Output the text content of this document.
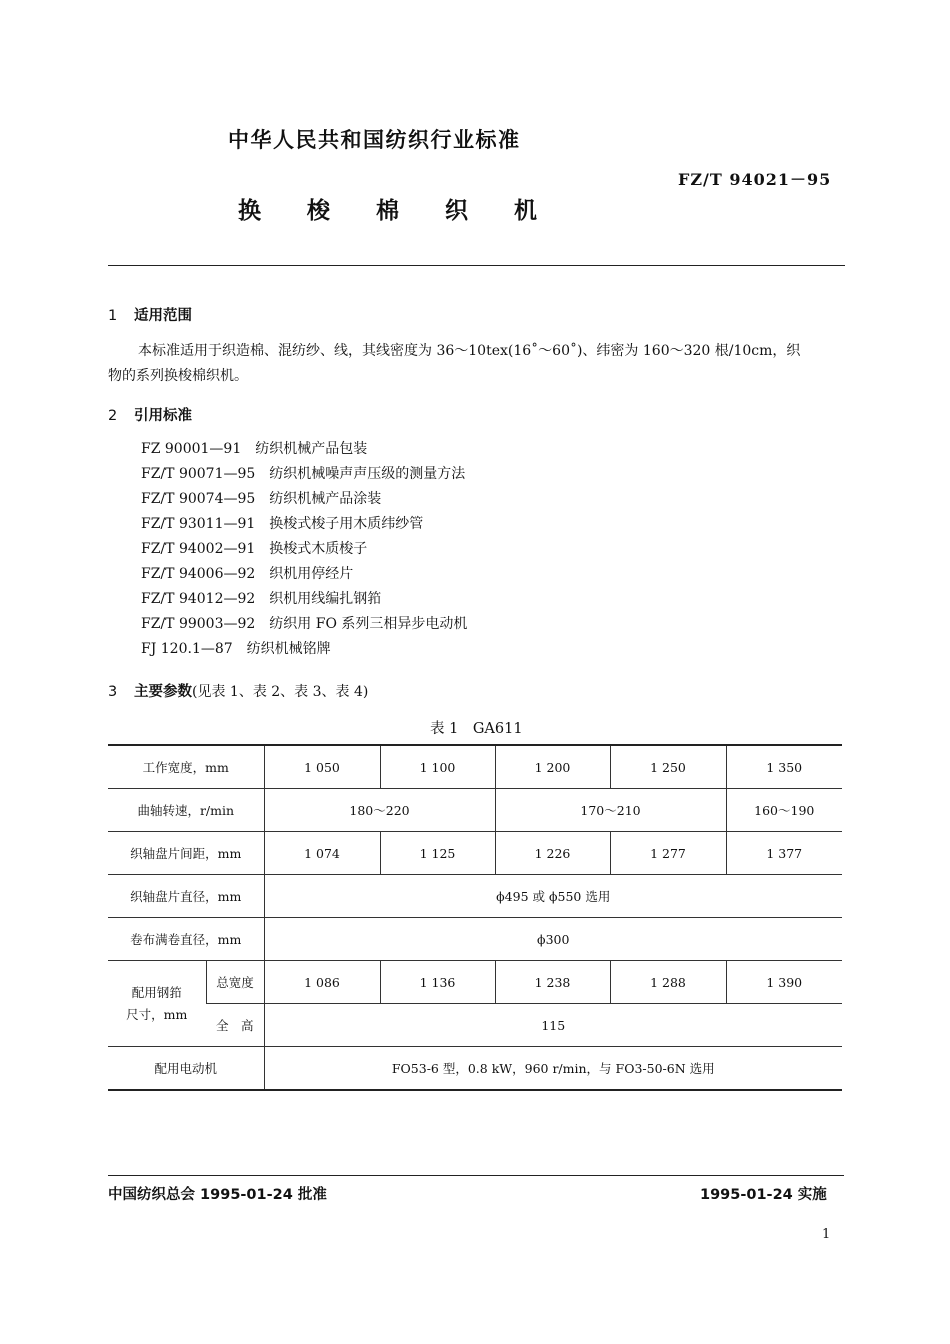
中华人民共和国纺织行业标准
FZ/T 94021－95
换梭棉织机
1 适用范围

本标准适用于织造棉、混纺纱、线，其线密度为 36～10tex(16˚～60˚)、纬密为 160～320 根/10cm，织

物的系列换梭棉织机。

2 引用标准
FZ 90001—91 纺织机械产品包装
FZ/T 90071—95 纺织机械噪声声压级的测量方法
FZ/T 90074—95 纺织机械产品涂装
FZ/T 93011—91 换梭式梭子用木质纬纱管
FZ/T 94002—91 换梭式木质梭子
FZ/T 94006—92 织机用停经片
FZ/T 94012—92 织机用线编扎钢筘
FZ/T 99003—92 纺织用 FO 系列三相异步电动机
FJ 120.1—87 纺织机械铭牌
3 主要参数(见表 1、表 2、表 3、表 4)
表 1　GA611
工作宽度，mm		1 050	1 100	1 200	1 250	1 350
曲轴转速，r/min		180～220		170～210		160～190
织轴盘片间距，mm		1 074	1 125	1 226	1 277	1 377
织轴盘片直径，mm		ϕ495 或 ϕ550 选用				
卷布满卷直径，mm		ϕ300				
配用钢筘尺寸，mm	总宽度	1 086	1 136	1 238	1 288	1 390
	全　高	115				
配用电动机		FO53-6 型，0.8 kW，960 r/min，与 FO3-50-6N 选用				
中国纺织总会 1995-01-24 批准	1995-01-24 实施
1
